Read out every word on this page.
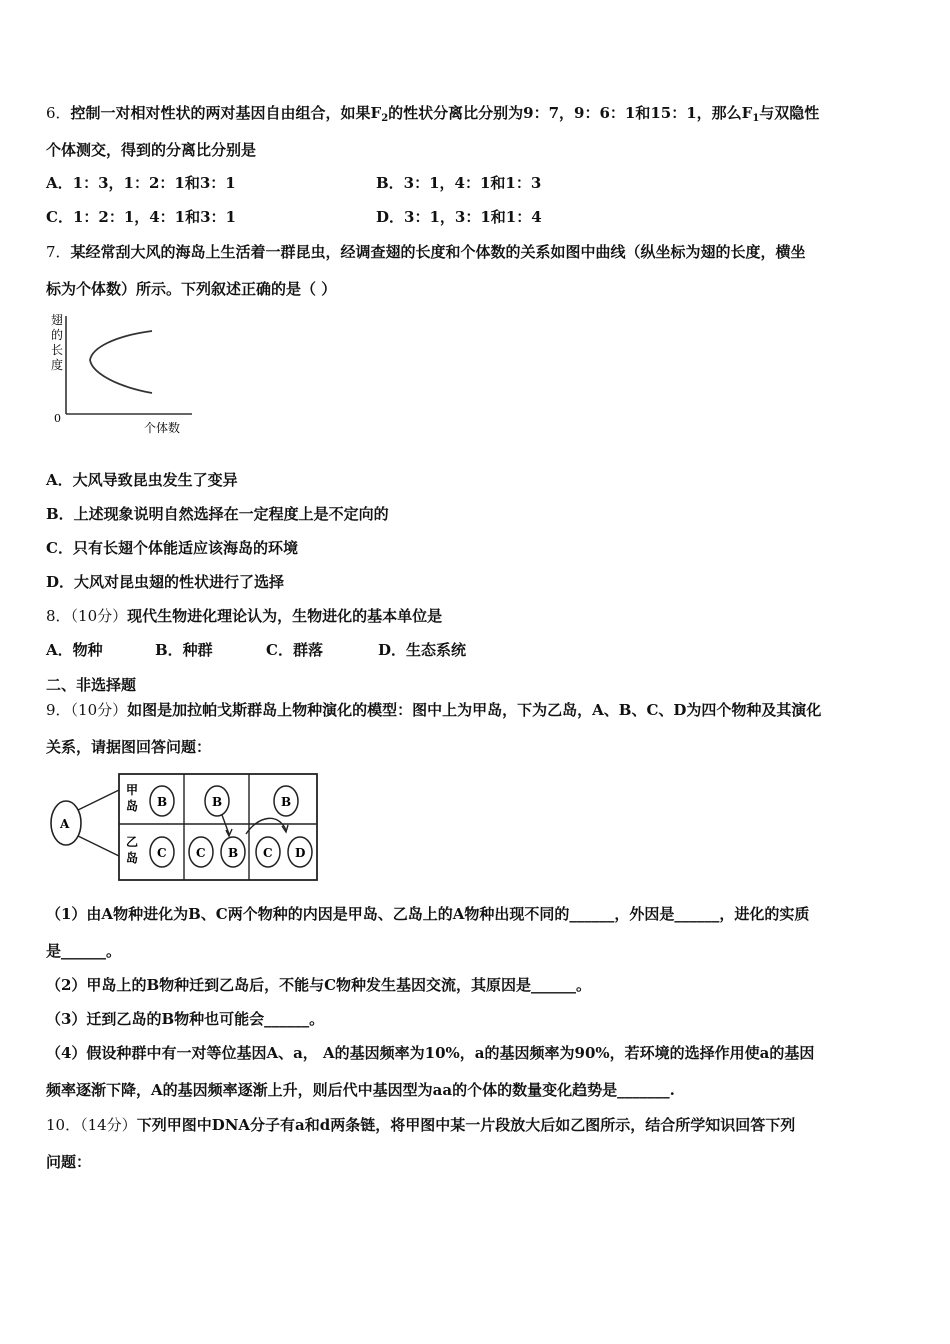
6．控制一对相对性状的两对基因自由组合，如果$F_2$的性状分离比分别为9：7，9：6：1和15：1，那么$F_1$与双隐性
个体测交，得到的分离比分别是
A．1：3，1：2：1和3：1	B．3：1，4：1和1：3
C．1：2：1，4：1和3：1	D．3：1，3：1和1：4
7．某经常刮大风的海岛上生活着一群昆虫，经调查翅的长度和个体数的关系如图中曲线（纵坐标为翅的长度，横坐
标为个体数）所示。下列叙述正确的是（ ）
翅
的
长
度
0
个体数
A．大风导致昆虫发生了变异
B．上述现象说明自然选择在一定程度上是不定向的
C．只有长翅个体能适应该海岛的环境
D．大风对昆虫翅的性状进行了选择
8．（10分）现代生物进化理论认为，生物进化的基本单位是
A．物种	B．种群	C．群落	D．生态系统
二、非选择题
9．（10分）如图是加拉帕戈斯群岛上物种演化的模型：图中上为甲岛，下为乙岛，A、B、C、D为四个物种及其演化
关系，请据图回答问题：
A
甲
岛
乙
岛
B	B	B
C C B C D
（1）由A物种进化为B、C两个物种的内因是甲岛、乙岛上的A物种出现不同的______，外因是______，进化的实质
是______。
（2）甲岛上的B物种迁到乙岛后，不能与C物种发生基因交流，其原因是______。
（3）迁到乙岛的B物种也可能会______。
（4）假设种群中有一对等位基因A、a， A的基因频率为10%，a的基因频率为90%，若环境的选择作用使a的基因
频率逐渐下降，A的基因频率逐渐上升，则后代中基因型为aa的个体的数量变化趋势是_______.
10．（14分）下列甲图中DNA分子有a和d两条链，将甲图中某一片段放大后如乙图所示，结合所学知识回答下列
问题：
